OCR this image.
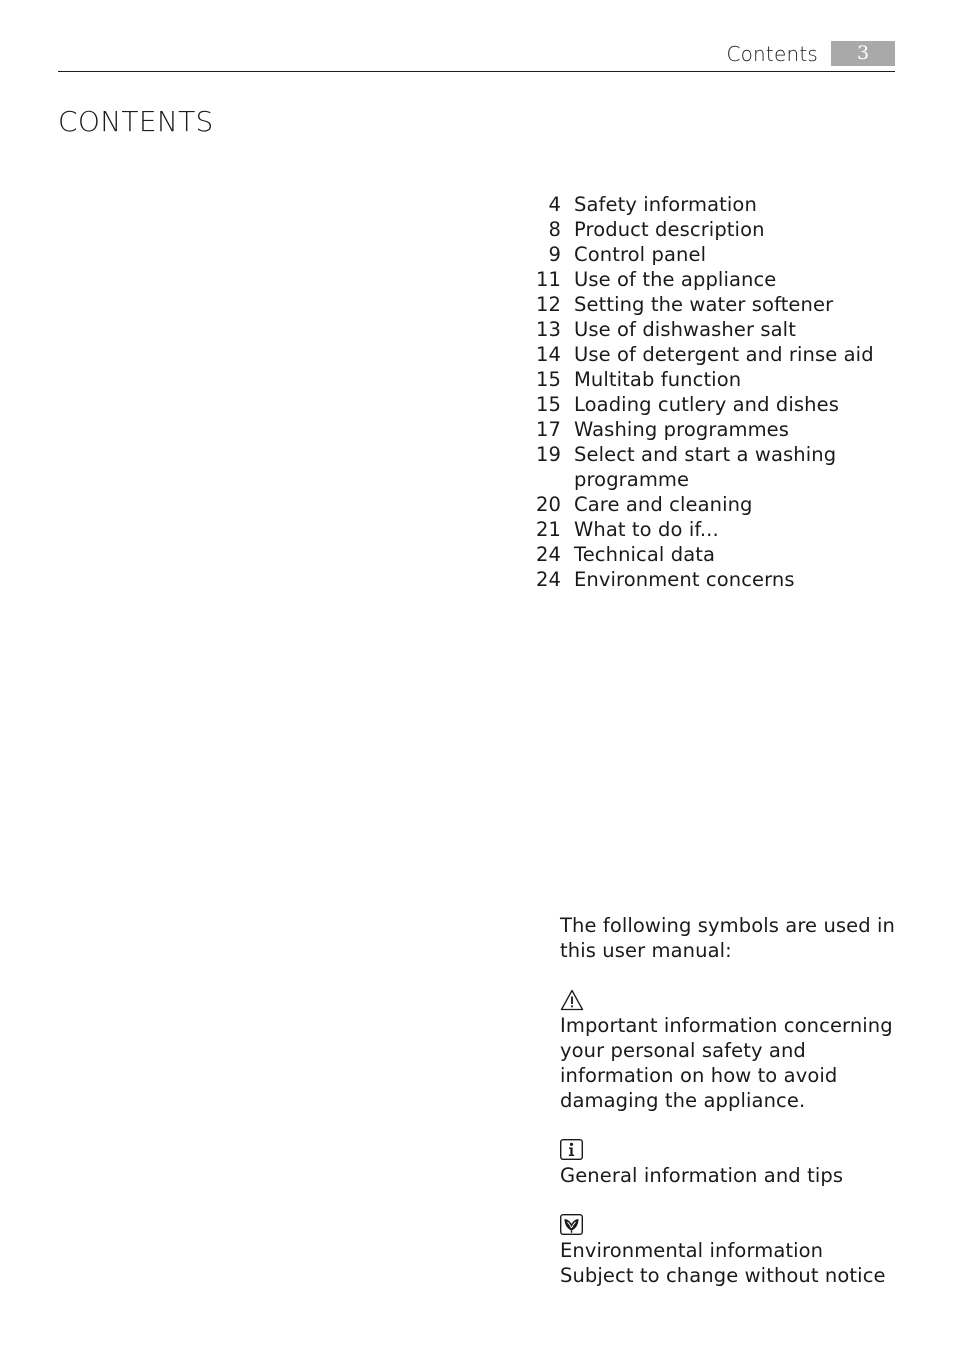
Contents	3
CONTENTS
4 Safety information
8 Product description
9 Control panel
11 Use of the appliance
12 Setting the water softener
13 Use of dishwasher salt
14 Use of detergent and rinse aid
15 Multitab function
15 Loading cutlery and dishes
17 Washing programmes
19 Select and start a washing
programme
20 Care and cleaning
21 What to do if...
24 Technical data
24 Environment concerns

The following symbols are used in this user manual:

Important information concerning your personal safety and information on how to avoid damaging the appliance.

General information and tips

Environmental information

Subject to change without notice
